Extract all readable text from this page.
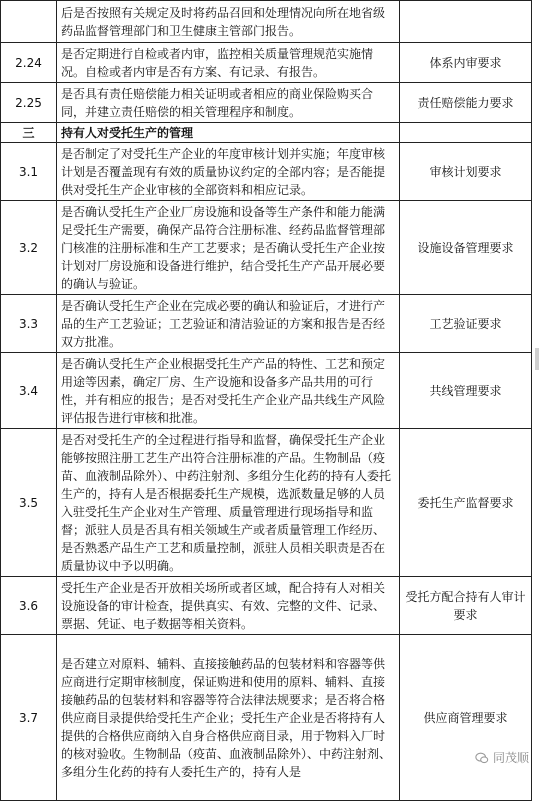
	后是否按照有关规定及时将药品召回和处理情况向所在地省级药品监督管理部门和卫生健康主管部门报告。	
2.24	是否定期进行自检或者内审，监控相关质量管理规范实施情况。自检或者内审是否有方案、有记录、有报告。	体系内审要求
2.25	是否具有责任赔偿能力相关证明或者相应的商业保险购买合同，并建立责任赔偿的相关管理程序和制度。	责任赔偿能力要求
三	持有人对受托生产的管理	
3.1	是否制定了对受托生产企业的年度审核计划并实施；年度审核计划是否覆盖现有有效的质量协议约定的全部内容；是否能提供对受托生产企业审核的全部资料和相应记录。	审核计划要求
3.2	是否确认受托生产企业厂房设施和设备等生产条件和能力能满足受托生产需要，确保产品符合注册标准、经药品监督管理部门核准的注册标准和生产工艺要求；是否确认受托生产企业按计划对厂房设施和设备进行维护，结合受托生产产品开展必要的确认与验证。	设施设备管理要求
3.3	是否确认受托生产企业在完成必要的确认和验证后，才进行产品的生产工艺验证；工艺验证和清洁验证的方案和报告是否经双方批准。	工艺验证要求
3.4	是否确认受托生产企业根据受托生产产品的特性、工艺和预定用途等因素，确定厂房、生产设施和设备多产品共用的可行性，并有相应的报告；是否对受托生产企业产品共线生产风险评估报告进行审核和批准。	共线管理要求
3.5	是否对受托生产的全过程进行指导和监督，确保受托生产企业能够按照注册工艺生产出符合注册标准的产品。生物制品（疫苗、血液制品除外）、中药注射剂、多组分生化药的持有人委托生产的，持有人是否根据委托生产规模，选派数量足够的人员入驻受托生产企业对生产管理、质量管理进行现场指导和监督；派驻人员是否具有相关领域生产或者质量管理工作经历、是否熟悉产品生产工艺和质量控制，派驻人员相关职责是否在质量协议中予以明确。	委托生产监督要求
3.6	受托生产企业是否开放相关场所或者区域，配合持有人对相关设施设备的审计检查，提供真实、有效、完整的文件、记录、票据、凭证、电子数据等相关资料。	受托方配合持有人审计要求
3.7	是否建立对原料、辅料、直接接触药品的包装材料和容器等供应商进行定期审核制度，保证购进和使用的原料、辅料、直接接触药品的包装材料和容器等符合法律法规要求；是否将合格供应商目录提供给受托生产企业；受托生产企业是否将持有人提供的合格供应商纳入自身合格供应商目录，用于物料入厂时的核对验收。生物制品（疫苗、血液制品除外）、中药注射剂、多组分生化药的持有人委托生产的，持有人是	供应商管理要求
同茂顺
